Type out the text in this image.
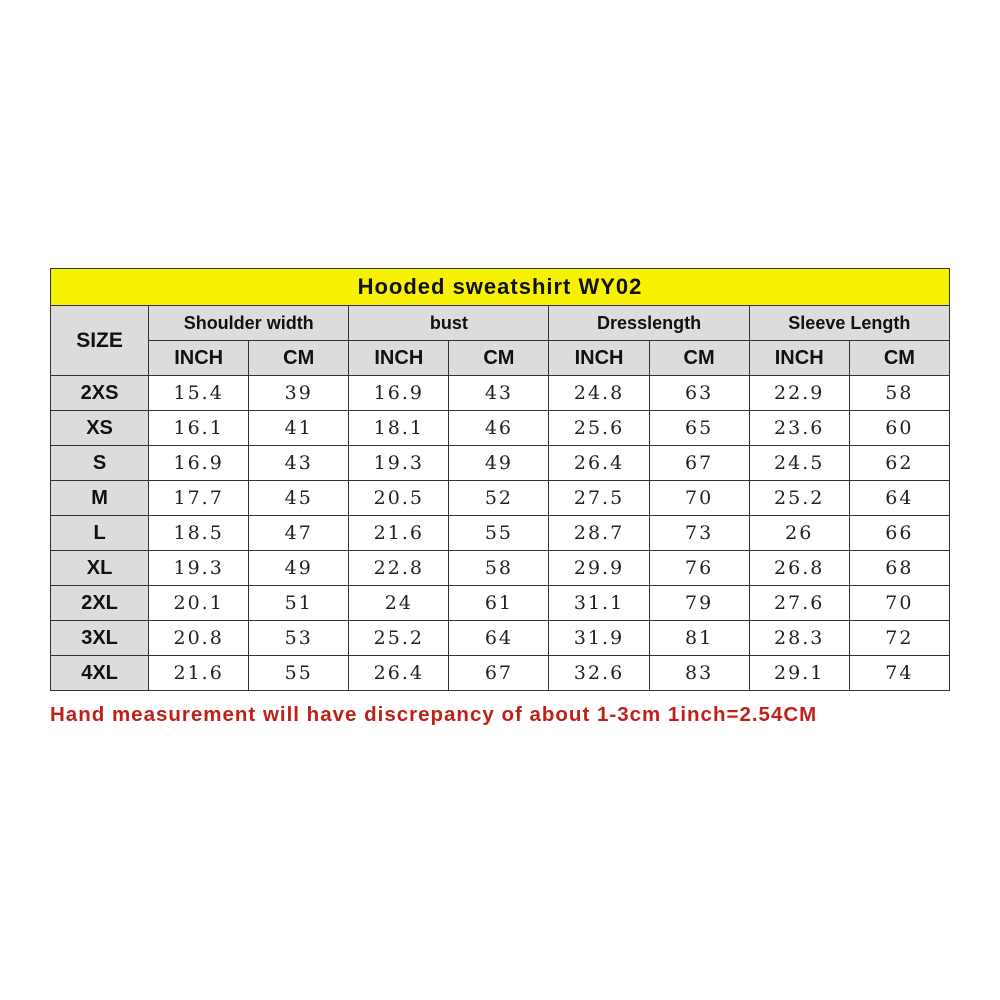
Hooded sweatshirt WY02								
SIZE	Shoulder width		bust		Dresslength		Sleeve Length	
	INCH	CM	INCH	CM	INCH	CM	INCH	CM
2XS	15.4	39	16.9	43	24.8	63	22.9	58
XS	16.1	41	18.1	46	25.6	65	23.6	60
S	16.9	43	19.3	49	26.4	67	24.5	62
M	17.7	45	20.5	52	27.5	70	25.2	64
L	18.5	47	21.6	55	28.7	73	26	66
XL	19.3	49	22.8	58	29.9	76	26.8	68
2XL	20.1	51	24	61	31.1	79	27.6	70
3XL	20.8	53	25.2	64	31.9	81	28.3	72
4XL	21.6	55	26.4	67	32.6	83	29.1	74
Hand measurement will have discrepancy of about 1-3cm 1inch=2.54CM
